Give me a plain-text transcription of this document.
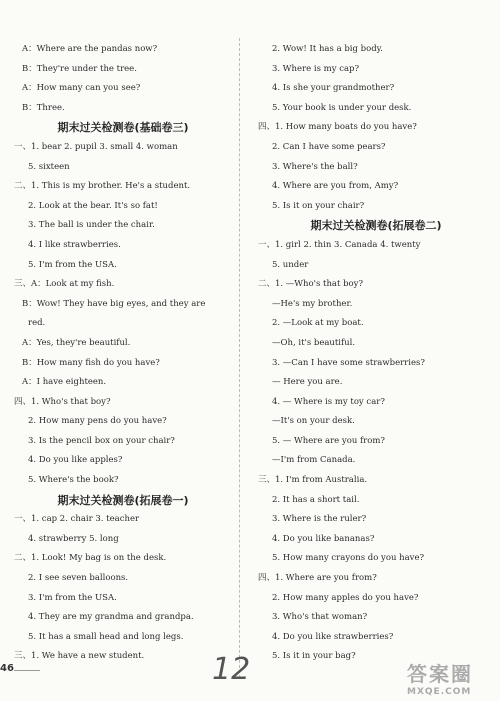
A：Where are the pandas now?
B：They're under the tree.
A：How many can you see?
B：Three.
期末过关检测卷(基础卷三)
一、1. bear 2. pupil 3. small 4. woman
5. sixteen
二、1. This is my brother. He's a student.
2. Look at the bear. It's so fat!
3. The ball is under the chair.
4. I like strawberries.
5. I'm from the USA.
三、A：Look at my fish.
B：Wow! They have big eyes, and they are
red.
A：Yes, they're beautiful.
B：How many fish do you have?
A：I have eighteen.
四、1. Who's that boy?
2. How many pens do you have?
3. Is the pencil box on your chair?
4. Do you like apples?
5. Where's the book?
期末过关检测卷(拓展卷一)
一、1. cap 2. chair 3. teacher
4. strawberry 5. long
二、1. Look! My bag is on the desk.
2. I see seven balloons.
3. I'm from the USA.
4. They are my grandma and grandpa.
5. It has a small head and long legs.
三、1. We have a new student.
2. Wow! It has a big body.
3. Where is my cap?
4. Is she your grandmother?
5. Your book is under your desk.
四、1. How many boats do you have?
2. Can I have some pears?
3. Where's the ball?
4. Where are you from, Amy?
5. Is it on your chair?
期末过关检测卷(拓展卷二)
一、1. girl 2. thin 3. Canada 4. twenty
5. under
二、1. —Who's that boy?
—He's my brother.
2. —Look at my boat.
—Oh, it's beautiful.
3. —Can I have some strawberries?
— Here you are.
4. — Where is my toy car?
—It's on your desk.
5. — Where are you from?
—I'm from Canada.
三、1. I'm from Australia.
2. It has a short tail.
3. Where is the ruler?
4. Do you like bananas?
5. How many crayons do you have?
四、1. Where are you from?
2. How many apples do you have?
3. Who's that woman?
4. Do you like strawberries?
5. Is it in your bag?
46	12	答案圈
MXQE.COM
